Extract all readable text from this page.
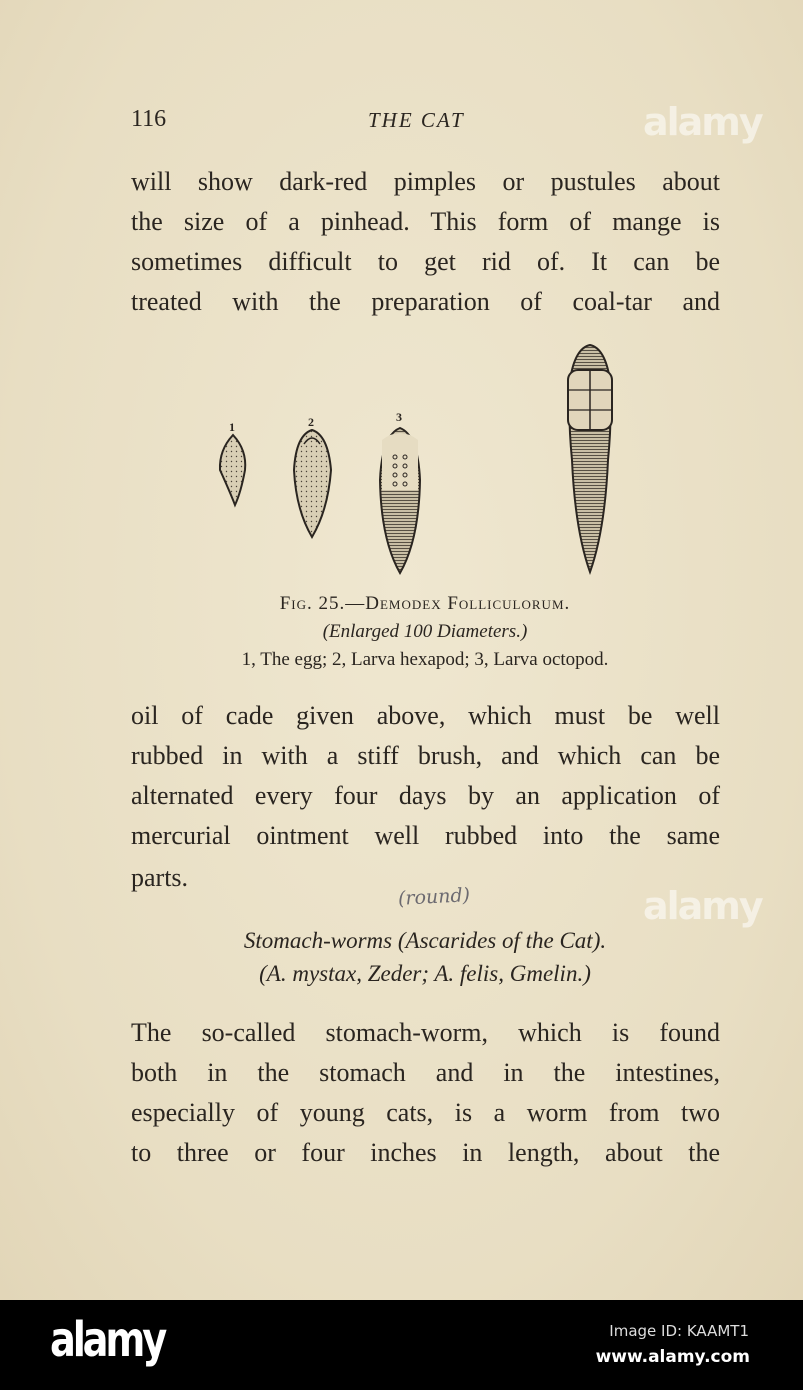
116	THE CAT
will show dark-red pimples or pustules about
the size of a pinhead. This form of mange is
sometimes difficult to get rid of. It can be
treated with the preparation of coal-tar and
1	2	3
Fig. 25.—Demodex Folliculorum.
(Enlarged 100 Diameters.)
1, The egg; 2, Larva hexapod; 3, Larva octopod.
oil of cade given above, which must be well
rubbed in with a stiff brush, and which can be
alternated every four days by an application of
mercurial ointment well rubbed into the same
parts.
(round)
Stomach-worms (Ascarides of the Cat).
(A. mystax, Zeder; A. felis, Gmelin.)
The so-called stomach-worm, which is found
both in the stomach and in the intestines,
especially of young cats, is a worm from two
to three or four inches in length, about the
alamy
alamy
alamy	Image ID: KAAMT1
www.alamy.com
